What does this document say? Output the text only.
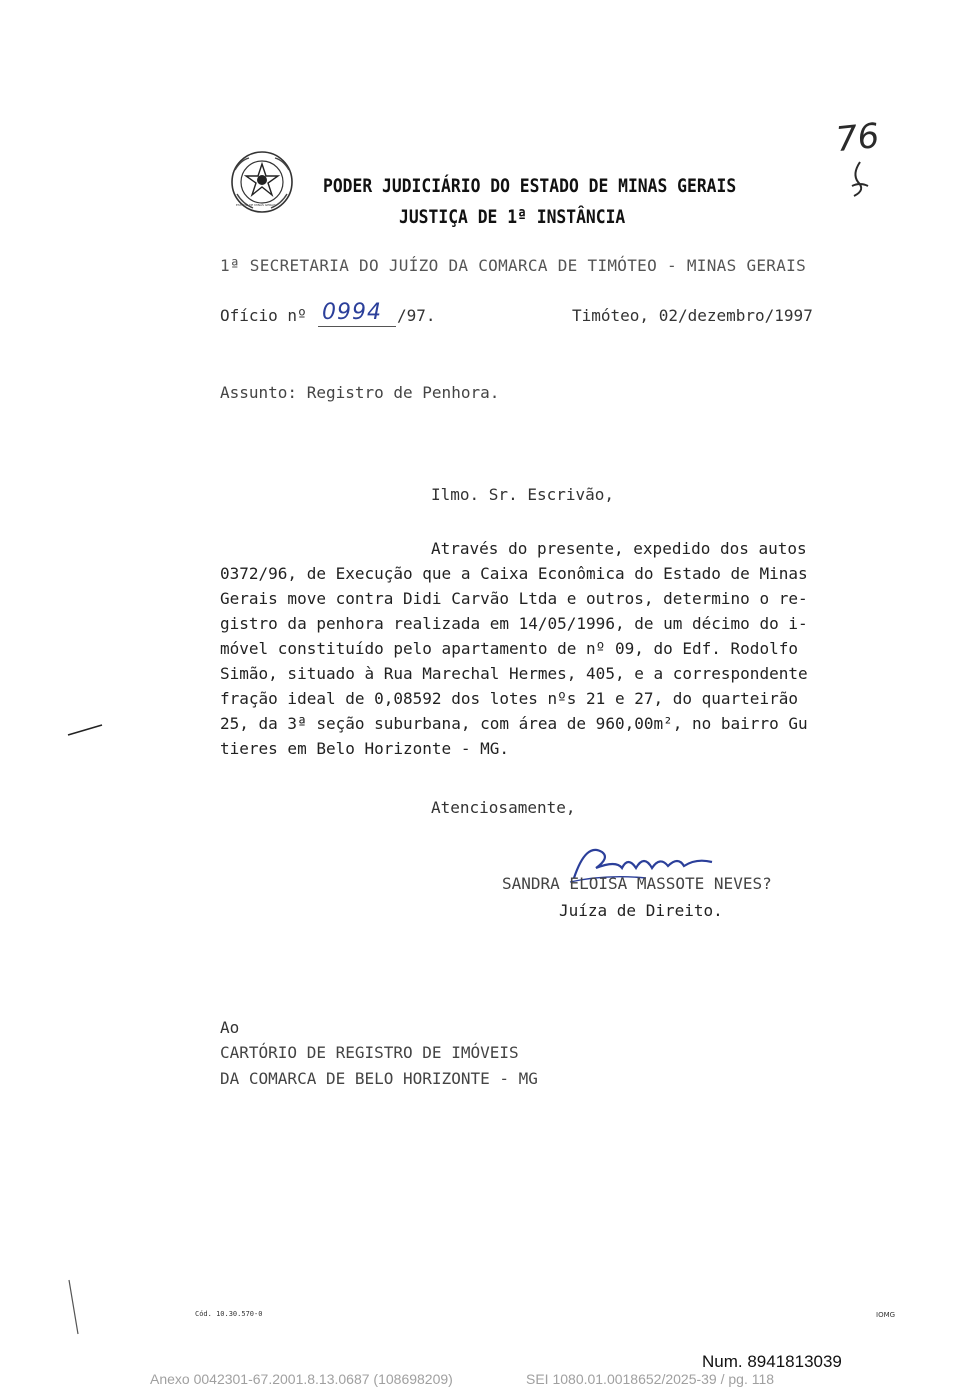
ESTADO DE MINAS GERAIS
PODER JUDICIÁRIO DO ESTADO DE MINAS GERAIS
JUSTIÇA DE 1ª INSTÂNCIA
76
1ª SECRETARIA DO JUÍZO DA COMARCA DE TIMÓTEO - MINAS GERAIS
Ofício nº 0994 /97.	Timóteo, 02/dezembro/1997
Assunto: Registro de Penhora.
Ilmo. Sr. Escrivão,
Através do presente, expedido dos autos
0372/96, de Execução que a Caixa Econômica do Estado de Minas
Gerais move contra Didi Carvão Ltda e outros, determino o re-
gistro da penhora realizada em 14/05/1996, de um décimo do i-
móvel constituído pelo apartamento de nº 09, do Edf. Rodolfo
Simão, situado à Rua Marechal Hermes, 405, e a correspondente
fração ideal de 0,08592 dos lotes nºs 21 e 27, do quarteirão
25, da 3ª seção suburbana, com área de 960,00m², no bairro Gu
tieres em Belo Horizonte - MG.
Atenciosamente,
SANDRA ELOISA MASSOTE NEVES?
Juíza de Direito.
Ao
CARTÓRIO DE REGISTRO DE IMÓVEIS
DA COMARCA DE BELO HORIZONTE - MG
Cód. 10.30.570-0	IOMG
Num. 8941813039
Anexo 0042301-67.2001.8.13.0687 (108698209)	SEI 1080.01.0018652/2025-39 / pg. 118
